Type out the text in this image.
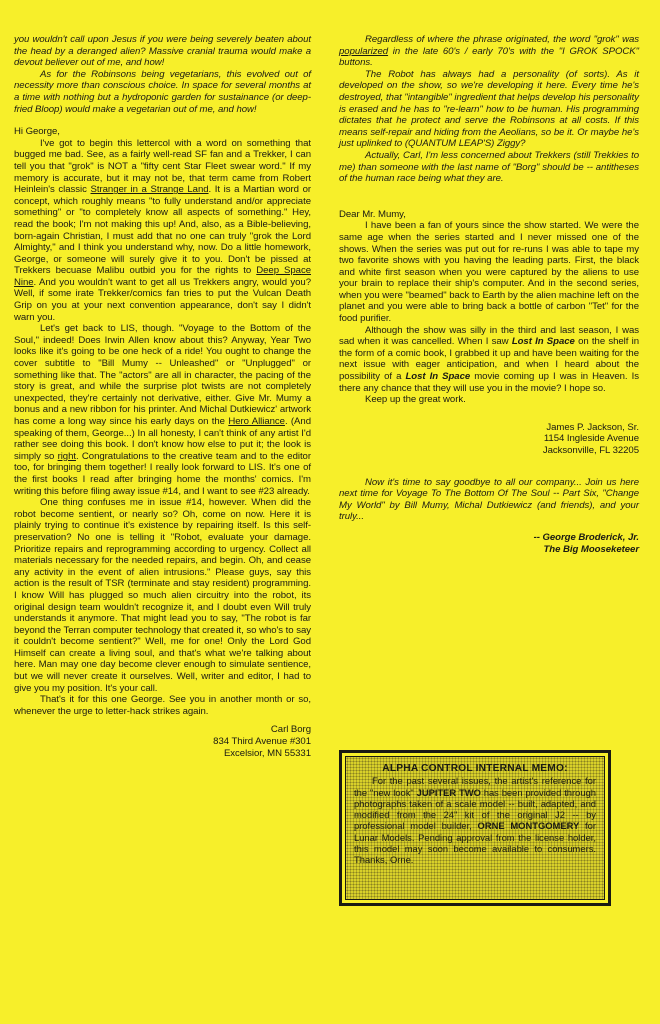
you wouldn't call upon Jesus if you were being severely beaten about the head by a deranged alien? Massive cranial trauma would make a devout believer out of me, and how!

As for the Robinsons being vegetarians, this evolved out of necessity more than conscious choice. In space for several months at a time with nothing but a hydroponic garden for sustainance (or deep-fried Bloop) would make a vegetarian out of me, and how!

Hi George,

I've got to begin this lettercol with a word on something that bugged me bad. See, as a fairly well-read SF fan and a Trekker, I can tell you that "grok" is NOT a "fifty cent Star Fleet swear word." If my memory is accurate, but it may not be, that term came from Robert Heinlein's classic Stranger in a Strange Land. It is a Martian word or concept, which roughly means "to fully understand and/or appreciate something" or "to completely know all aspects of something." Hey, read the book; I'm not making this up! And, also, as a Bible-believing, born-again Christian, I must add that no one can truly "grok the Lord Almighty," and I think you understand why, now. Do a little homework, George, or someone will surely give it to you. Don't be pissed at Trekkers becuase Malibu outbid you for the rights to Deep Space Nine. And you wouldn't want to get all us Trekkers angry, would you? Well, if some irate Trekker/comics fan tries to put the Vulcan Death Grip on you at your next convention appearance, don't say I didn't warn you.

Let's get back to LIS, though. "Voyage to the Bottom of the Soul," indeed! Does Irwin Allen know about this? Anyway, Year Two looks like it's going to be one heck of a ride! You ought to change the cover subtitle to "Bill Mumy -- Unleashed" or "Unplugged" or something like that. The "actors" are all in character, the pacing of the story is great, and while the surprise plot twists are not completely unexpected, they're certainly not derivative, either. Give Mr. Mumy a bonus and a new ribbon for his printer. And Michal Dutkiewicz' artwork has come a long way since his early days on the Hero Alliance. (And speaking of them, George...) In all honesty, I can't think of any artist I'd rather see doing this book. I don't know how else to put it; the look is simply so right. Congratulations to the creative team and to the editor too, for bringing them together! I really look forward to LIS. It's one of the first books I read after bringing home the months' comics. I'm writing this before filing away issue #14, and I want to see #23 already.

One thing confuses me in issue #14, however. When did the robot become sentient, or nearly so? Oh, come on now. Here it is plainly trying to continue it's existence by repairing itself. Is this self-preservation? No one is telling it "Robot, evaluate your damage. Prioritize repairs and reprogramming according to urgency. Collect all materials necessary for the needed repairs, and begin. Oh, and cease any activity in the event of alien intrusions." Please guys, say this action is the result of TSR (terminate and stay resident) programming. I know Will has plugged so much alien circuitry into the robot, its original design team wouldn't recognize it, and I doubt even Will truly understands it anymore. That might lead you to say, "The robot is far beyond the Terran computer technology that created it, so who's to say it couldn't become sentient?" Well, me for one! Only the Lord God Himself can create a living soul, and that's what we're talking about here. Man may one day become clever enough to simulate sentience, but we will never create it ourselves. Well, writer and editor, I had to give you my position. It's your call.

That's it for this one George. See you in another month or so, whenever the urge to letter-hack strikes again.

Carl Borg

834 Third Avenue #301

Excelsior, MN 55331

Regardless of where the phrase originated, the word "grok" was popularized in the late 60's / early 70's with the "I GROK SPOCK" buttons.

The Robot has always had a personality (of sorts). As it developed on the show, so we're developing it here. Every time he's destroyed, that "intangible" ingredient that helps develop his personality is erased and he has to "re-learn" how to be human. His programming dictates that he protect and serve the Robinsons at all costs. If this means self-repair and hiding from the Aeolians, so be it. Or maybe he's just uplinked to (QUANTUM LEAP'S) Ziggy?

Actually, Carl, I'm less concerned about Trekkers (still Trekkies to me) than someone with the last name of "Borg" should be -- antitheses of the human race being what they are.

Dear Mr. Mumy,

I have been a fan of yours since the show started. We were the same age when the series started and I never missed one of the shows. When the series was put out for re-runs I was able to tape my two favorite shows with you having the leading parts. First, the black and white first season when you were captured by the aliens to use your brain to replace their ship's computer. And in the second series, when you were "beamed" back to Earth by the alien machine left on the planet and you were able to bring back a bottle of carbon "Tet" for the food purifier.

Although the show was silly in the third and last season, I was sad when it was cancelled. When I saw Lost In Space on the shelf in the form of a comic book, I grabbed it up and have been waiting for the next issue with eager anticipation, and when I heard about the possibility of a Lost In Space movie coming up I was in Heaven. Is there any chance that they will use you in the movie? I hope so.

Keep up the great work.

James P. Jackson, Sr.

1154 Ingleside Avenue

Jacksonville, FL 32205

Now it's time to say goodbye to all our company... Join us here next time for Voyage To The Bottom Of The Soul -- Part Six, "Change My World" by Bill Mumy, Michal Dutkiewicz (and friends), and your truly...

-- George Broderick, Jr.

The Big Mooseketeer

ALPHA CONTROL INTERNAL MEMO:

For the past several issues, the artist's reference for the "new look" JUPITER TWO has been provided through photographs taken of a scale model -- built, adapted, and modified from the 24" kit of the original J2 -- by professional model builder, ORNE MONTGOMERY for Lunar Models. Pending approval from the license holder, this model may soon become available to consumers. Thanks, Orne.
